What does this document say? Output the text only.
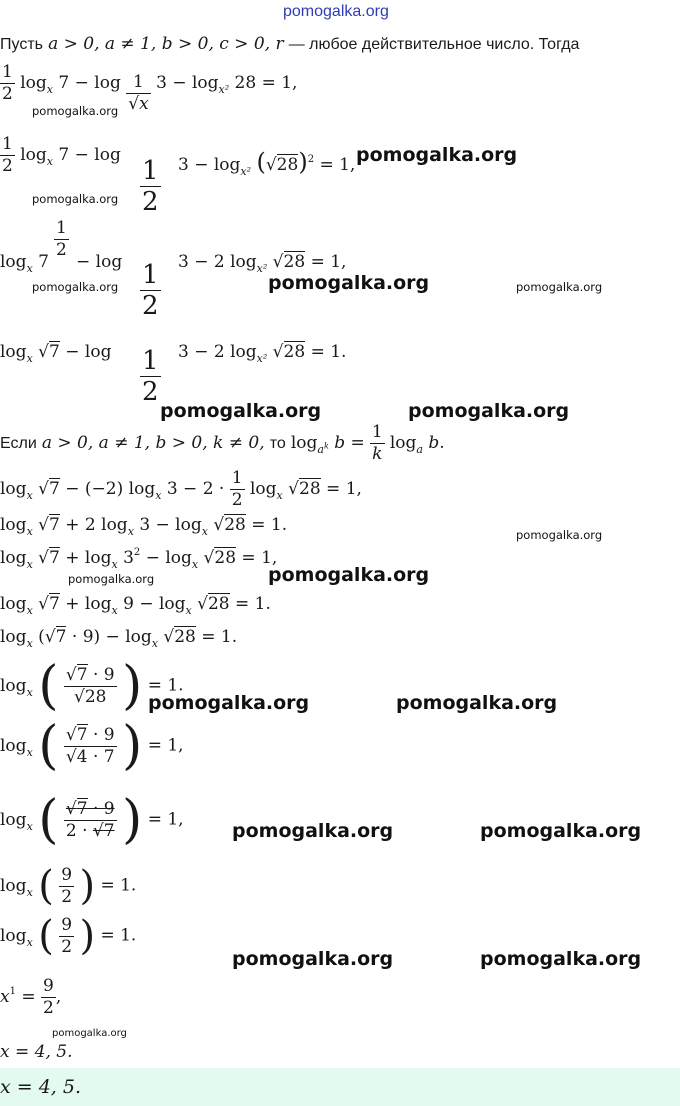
pomogalka.org
Пусть a > 0, a ≠ 1, b > 0, c > 0, r — любое действительное число. Тогда
$\frac{1}{2} \log_x 7 - \log \frac{1}{√x} 3 - \log_{x^2} 28 = 1$,
$\frac{1}{2} \log_x 7 - \log$
$\frac{1}{2} 3 - \log_{x^2} (√28)^2 = 1$,
$\log_x 7$
$\frac{1}{2}$
− $\log \frac{1}{2} 3 - 2$ $\log_{x^2} √28 = 1$,
$\log_x √7 - \log \frac{1}{2} 3 - 2$ $\log_{x^2} √28 = 1$.
Если a > 0, a ≠ 1, b > 0, k ≠ 0, то $\log_{a^k} b = \frac{1}{k} \log_a b$.
$\log_x √7 - (-2)$ $\log_x 3 - 2 \cdot \frac{1}{2} \log_x √28 = 1$,
$\log_x √7 + 2$ $\log_x 3 - \log_x √28 = 1$.
$\log_x √7 + \log_x 3^2 - \log_x √28 = 1$,
$\log_x √7 + \log_x 9 - \log_x √28 = 1$.
$\log_x (√7 \cdot 9) - \log_x √28 = 1$.
$\log_x$ ( $\frac{√7 \cdot 9}{√28}$ ) = 1.
$\log_x$ ( $\frac{√7 \cdot 9}{√4 \cdot 7}$ ) = 1,
$\log_x$ ( $\frac{√7 \cdot 9}{2 \cdot √7}$ ) = 1,
$\log_x$ ( $\frac{9}{2}$ ) = 1.
$\log_x$ ( $\frac{9}{2}$ ) = 1.
$x^1 = \frac{9}{2}$ ,
x = 4, 5.
x = 4, 5.
pomogalka.org
pomogalka.org
pomogalka.org
pomogalka.org	pomogalka.org	pomogalka.org
pomogalka.org	pomogalka.org
pomogalka.org
pomogalka.org	pomogalka.org
pomogalka.org	pomogalka.org
pomogalka.org	pomogalka.org
pomogalka.org	pomogalka.org
pomogalka.org
